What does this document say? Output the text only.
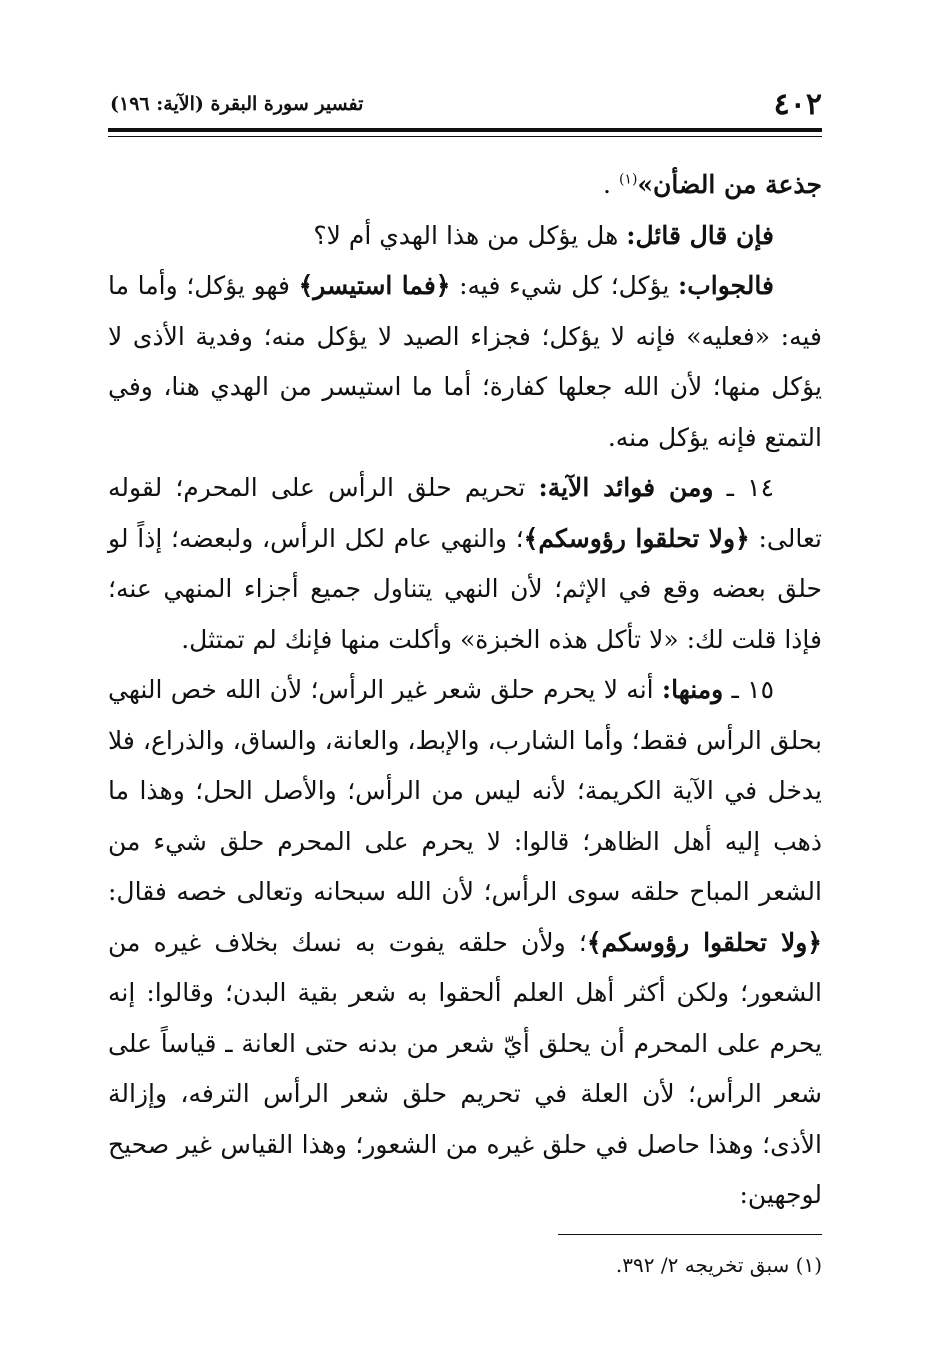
٤٠٢
تفسير سورة البقرة (الآية: ١٩٦)

جذعة من الضأن»$^{(١)}$ .

فإن قال قائل: هل يؤكل من هذا الهدي أم لا؟

فالجواب: يؤكل؛ كل شيء فيه: ﴿فما استيسر﴾ فهو يؤكل؛ وأما ما فيه: «فعليه» فإنه لا يؤكل؛ فجزاء الصيد لا يؤكل منه؛ وفدية الأذى لا يؤكل منها؛ لأن الله جعلها كفارة؛ أما ما استيسر من الهدي هنا، وفي التمتع فإنه يؤكل منه.

١٤ ـ ومن فوائد الآية: تحريم حلق الرأس على المحرم؛ لقوله تعالى: ﴿ولا تحلقوا رؤوسكم﴾؛ والنهي عام لكل الرأس، ولبعضه؛ إذاً لو حلق بعضه وقع في الإثم؛ لأن النهي يتناول جميع أجزاء المنهي عنه؛ فإذا قلت لك: «لا تأكل هذه الخبزة» وأكلت منها فإنك لم تمتثل.

١٥ ـ ومنها: أنه لا يحرم حلق شعر غير الرأس؛ لأن الله خص النهي بحلق الرأس فقط؛ وأما الشارب، والإبط، والعانة، والساق، والذراع، فلا يدخل في الآية الكريمة؛ لأنه ليس من الرأس؛ والأصل الحل؛ وهذا ما ذهب إليه أهل الظاهر؛ قالوا: لا يحرم على المحرم حلق شيء من الشعر المباح حلقه سوى الرأس؛ لأن الله سبحانه وتعالى خصه فقال: ﴿ولا تحلقوا رؤوسكم﴾؛ ولأن حلقه يفوت به نسك بخلاف غيره من الشعور؛ ولكن أكثر أهل العلم ألحقوا به شعر بقية البدن؛ وقالوا: إنه يحرم على المحرم أن يحلق أيّ شعر من بدنه حتى العانة ـ قياساً على شعر الرأس؛ لأن العلة في تحريم حلق شعر الرأس الترفه، وإزالة الأذى؛ وهذا حاصل في حلق غيره من الشعور؛ وهذا القياس غير صحيح لوجهين:

(١) سبق تخريجه ٢/ ٣٩٢.
